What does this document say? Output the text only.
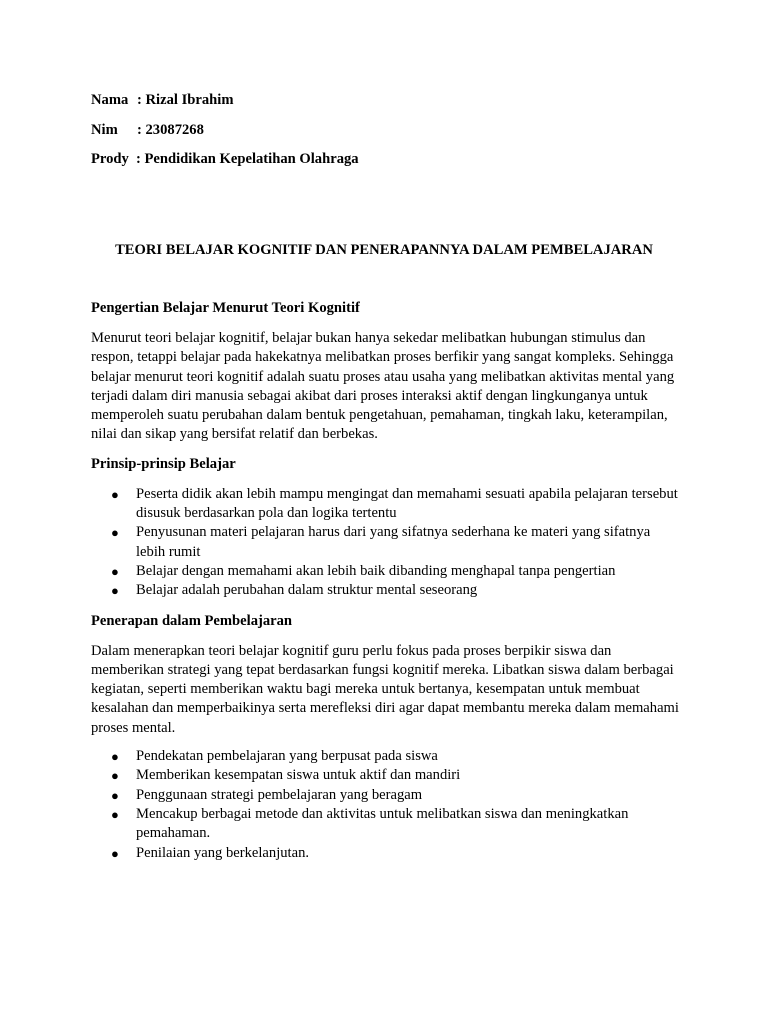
Nama : Rizal Ibrahim
Nim : 23087268
Prody : Pendidikan Kepelatihan Olahraga
TEORI BELAJAR KOGNITIF DAN PENERAPANNYA DALAM PEMBELAJARAN
Pengertian Belajar Menurut Teori Kognitif

Menurut teori belajar kognitif, belajar bukan hanya sekedar melibatkan hubungan stimulus dan respon, tetappi belajar pada hakekatnya melibatkan proses berfikir yang sangat kompleks. Sehingga belajar menurut teori kognitif adalah suatu proses atau usaha yang melibatkan aktivitas mental yang terjadi dalam diri manusia sebagai akibat dari proses interaksi aktif dengan lingkunganya untuk memperoleh suatu perubahan dalam bentuk pengetahuan, pemahaman, tingkah laku, keterampilan, nilai dan sikap yang bersifat relatif dan berbekas.

Prinsip-prinsip Belajar
● Peserta didik akan lebih mampu mengingat dan memahami sesuati apabila pelajaran tersebut disusuk berdasarkan pola dan logika tertentu
● Penyusunan materi pelajaran harus dari yang sifatnya sederhana ke materi yang sifatnya lebih rumit
● Belajar dengan memahami akan lebih baik dibanding menghapal tanpa pengertian
● Belajar adalah perubahan dalam struktur mental seseorang
Penerapan dalam Pembelajaran

Dalam menerapkan teori belajar kognitif guru perlu fokus pada proses berpikir siswa dan memberikan strategi yang tepat berdasarkan fungsi kognitif mereka. Libatkan siswa dalam berbagai kegiatan, seperti memberikan waktu bagi mereka untuk bertanya, kesempatan untuk membuat kesalahan dan memperbaikinya serta merefleksi diri agar dapat membantu mereka dalam memahami proses mental.

● Pendekatan pembelajaran yang berpusat pada siswa
● Memberikan kesempatan siswa untuk aktif dan mandiri
● Penggunaan strategi pembelajaran yang beragam
● Mencakup berbagai metode dan aktivitas untuk melibatkan siswa dan meningkatkan pemahaman.
● Penilaian yang berkelanjutan.
